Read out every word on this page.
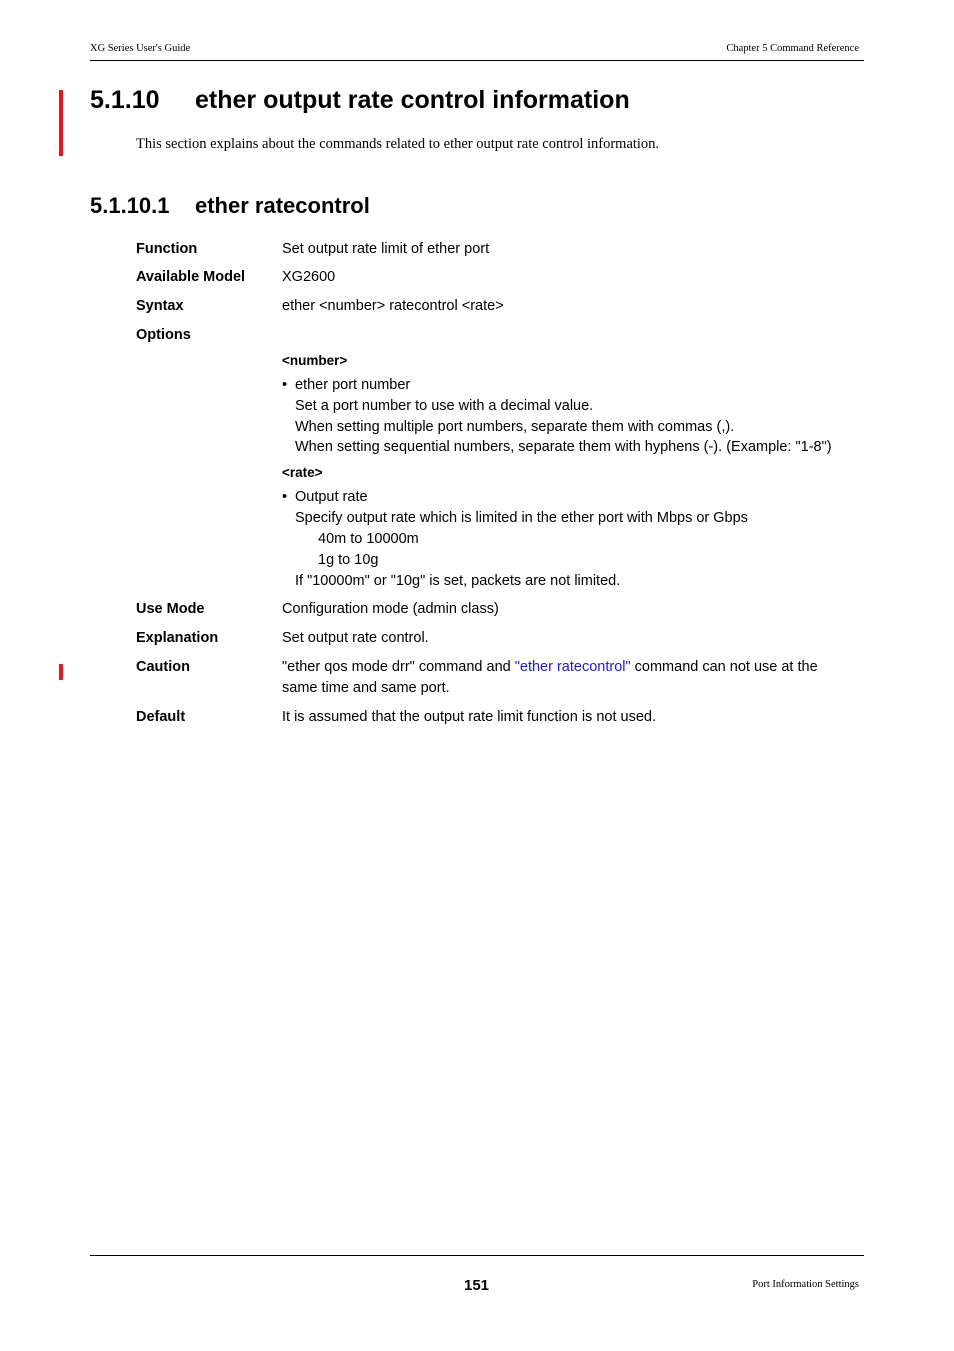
XG Series User's Guide	Chapter 5 Command Reference
5.1.10 ether output rate control information
This section explains about the commands related to ether output rate control information.
5.1.10.1 ether ratecontrol
Function	Set output rate limit of ether port
Available Model	XG2600
Syntax	ether <number> ratecontrol <rate>
Options
<number>
• ether port number
Set a port number to use with a decimal value.
When setting multiple port numbers, separate them with commas (,).
When setting sequential numbers, separate them with hyphens (-). (Example: "1-8")
<rate>
• Output rate
Specify output rate which is limited in the ether port with Mbps or Gbps
40m to 10000m
1g to 10g
If "10000m" or "10g" is set, packets are not limited.
Use Mode	Configuration mode (admin class)
Explanation	Set output rate control.
Caution	"ether qos mode drr" command and "ether ratecontrol" command can not use at the
same time and same port.
Default	It is assumed that the output rate limit function is not used.
151	Port Information Settings
